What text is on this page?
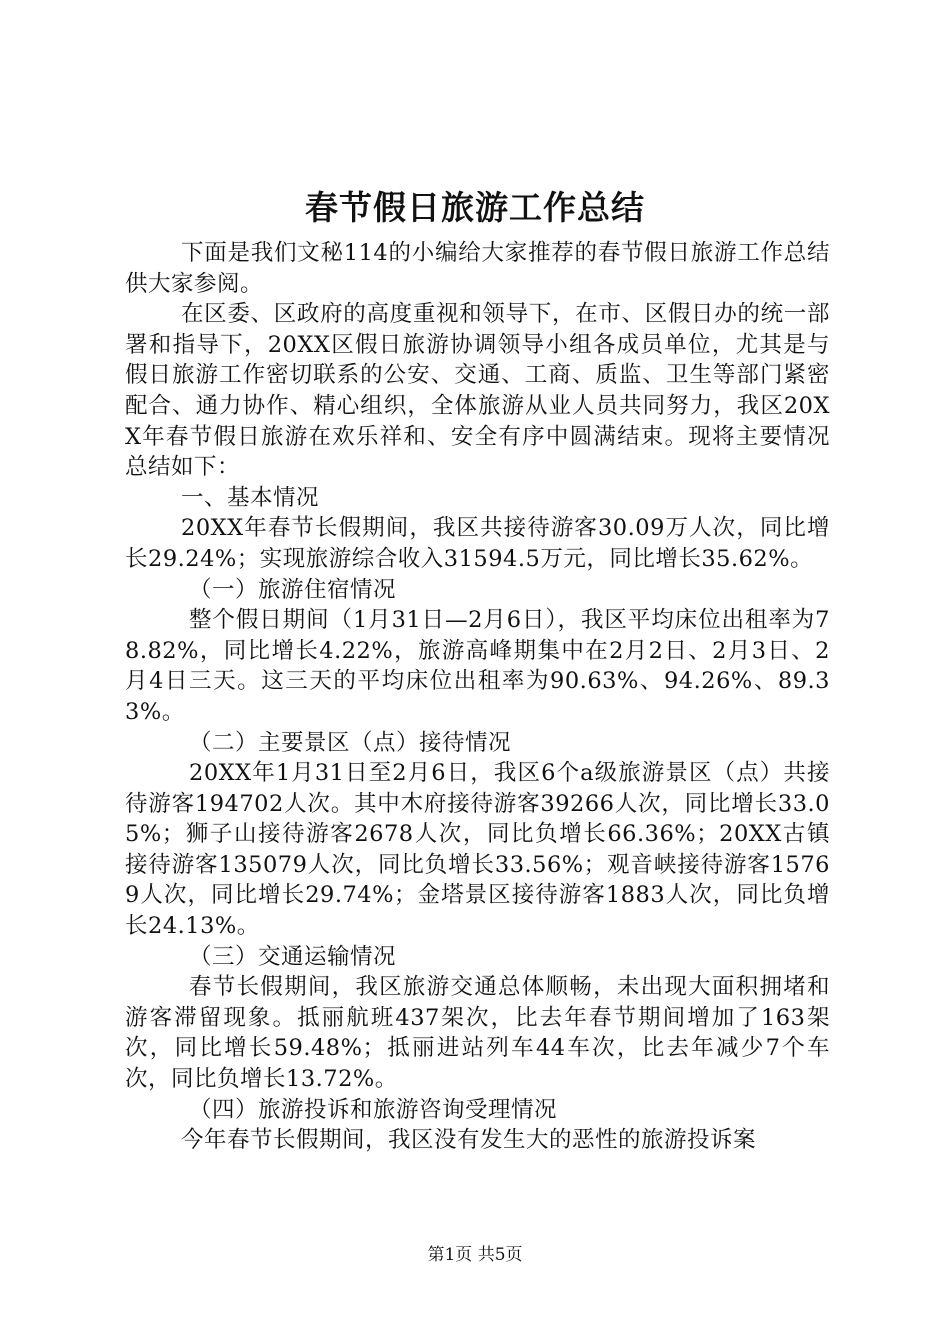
春节假日旅游工作总结

下面是我们文秘114的小编给大家推荐的春节假日旅游工作总结供大家参阅。

在区委、区政府的高度重视和领导下，在市、区假日办的统一部署和指导下，20XX区假日旅游协调领导小组各成员单位，尤其是与假日旅游工作密切联系的公安、交通、工商、质监、卫生等部门紧密配合、通力协作、精心组织，全体旅游从业人员共同努力，我区20XX年春节假日旅游在欢乐祥和、安全有序中圆满结束。现将主要情况总结如下：

一、基本情况

20XX年春节长假期间，我区共接待游客30.09万人次，同比增长29.24%；实现旅游综合收入31594.5万元，同比增长35.62%。

（一）旅游住宿情况

整个假日期间（1月31日—2月6日），我区平均床位出租率为78.82%，同比增长4.22%，旅游高峰期集中在2月2日、2月3日、2月4日三天。这三天的平均床位出租率为90.63%、94.26%、89.33%。

（二）主要景区（点）接待情况

20XX年1月31日至2月6日，我区6个a级旅游景区（点）共接待游客194702人次。其中木府接待游客39266人次，同比增长33.05%；狮子山接待游客2678人次，同比负增长66.36%；20XX古镇接待游客135079人次，同比负增长33.56%；观音峡接待游客15769人次，同比增长29.74%；金塔景区接待游客1883人次，同比负增长24.13%。

（三）交通运输情况

春节长假期间，我区旅游交通总体顺畅，未出现大面积拥堵和游客滞留现象。抵丽航班437架次，比去年春节期间增加了163架次，同比增长59.48%；抵丽进站列车44车次，比去年减少7个车次，同比负增长13.72%。

（四）旅游投诉和旅游咨询受理情况

今年春节长假期间，我区没有发生大的恶性的旅游投诉案

第1页 共5页
